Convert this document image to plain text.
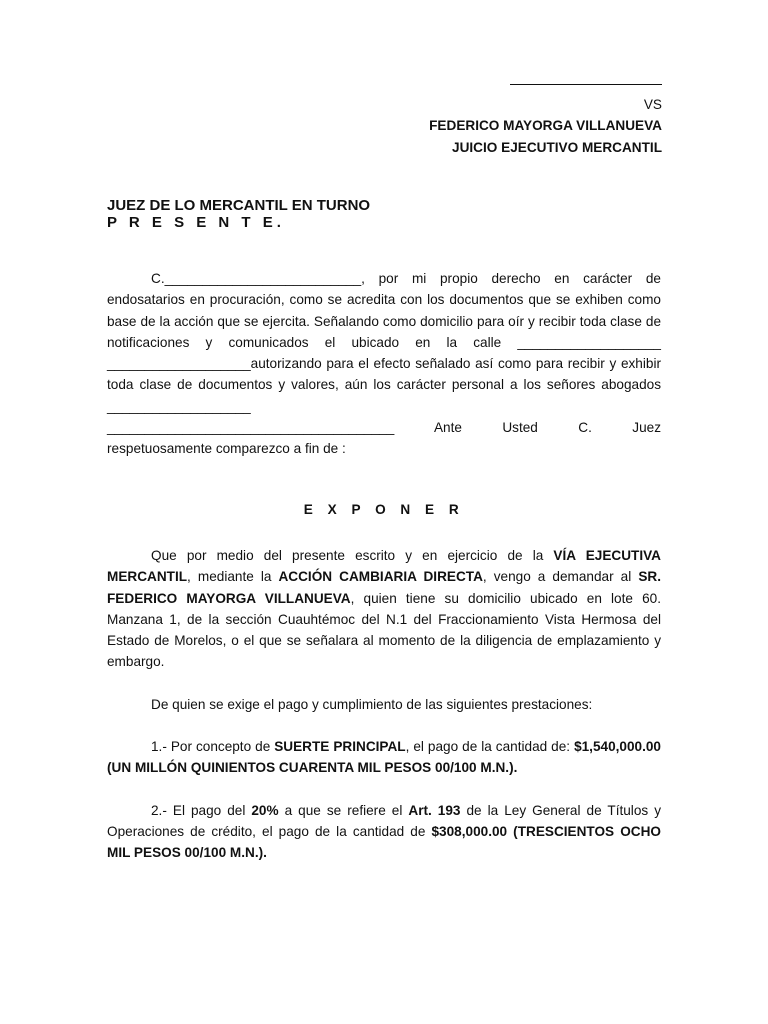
VS
FEDERICO MAYORGA VILLANUEVA
JUICIO EJECUTIVO MERCANTIL
JUEZ DE LO MERCANTIL EN TURNO
P R E S E N T E.

C.__________________________, por mi propio derecho en carácter de endosatarios en procuración, como se acredita con los documentos que se exhiben como base de la acción que se ejercita. Señalando como domicilio para oír y recibir toda clase de notificaciones y comunicados el ubicado en la calle ___________________ ___________________autorizando para el efecto señalado así como para recibir y exhibir toda clase de documentos y valores, aún los carácter personal a los señores abogados ___________________

______________________________________ Ante Usted C. Juez

respetuosamente comparezco a fin de :

E X P O N E R

Que por medio del presente escrito y en ejercicio de la VÍA EJECUTIVA MERCANTIL, mediante la ACCIÓN CAMBIARIA DIRECTA, vengo a demandar al SR. FEDERICO MAYORGA VILLANUEVA, quien tiene su domicilio ubicado en lote 60. Manzana 1, de la sección Cuauhtémoc del N.1 del Fraccionamiento Vista Hermosa del Estado de Morelos, o el que se señalara al momento de la diligencia de emplazamiento y embargo.

De quien se exige el pago y cumplimiento de las siguientes prestaciones:

1.- Por concepto de SUERTE PRINCIPAL, el pago de la cantidad de: $1,540,000.00 (UN MILLÓN QUINIENTOS CUARENTA MIL PESOS 00/100 M.N.).

2.- El pago del 20% a que se refiere el Art. 193 de la Ley General de Títulos y Operaciones de crédito, el pago de la cantidad de $308,000.00 (TRESCIENTOS OCHO MIL PESOS 00/100 M.N.).
